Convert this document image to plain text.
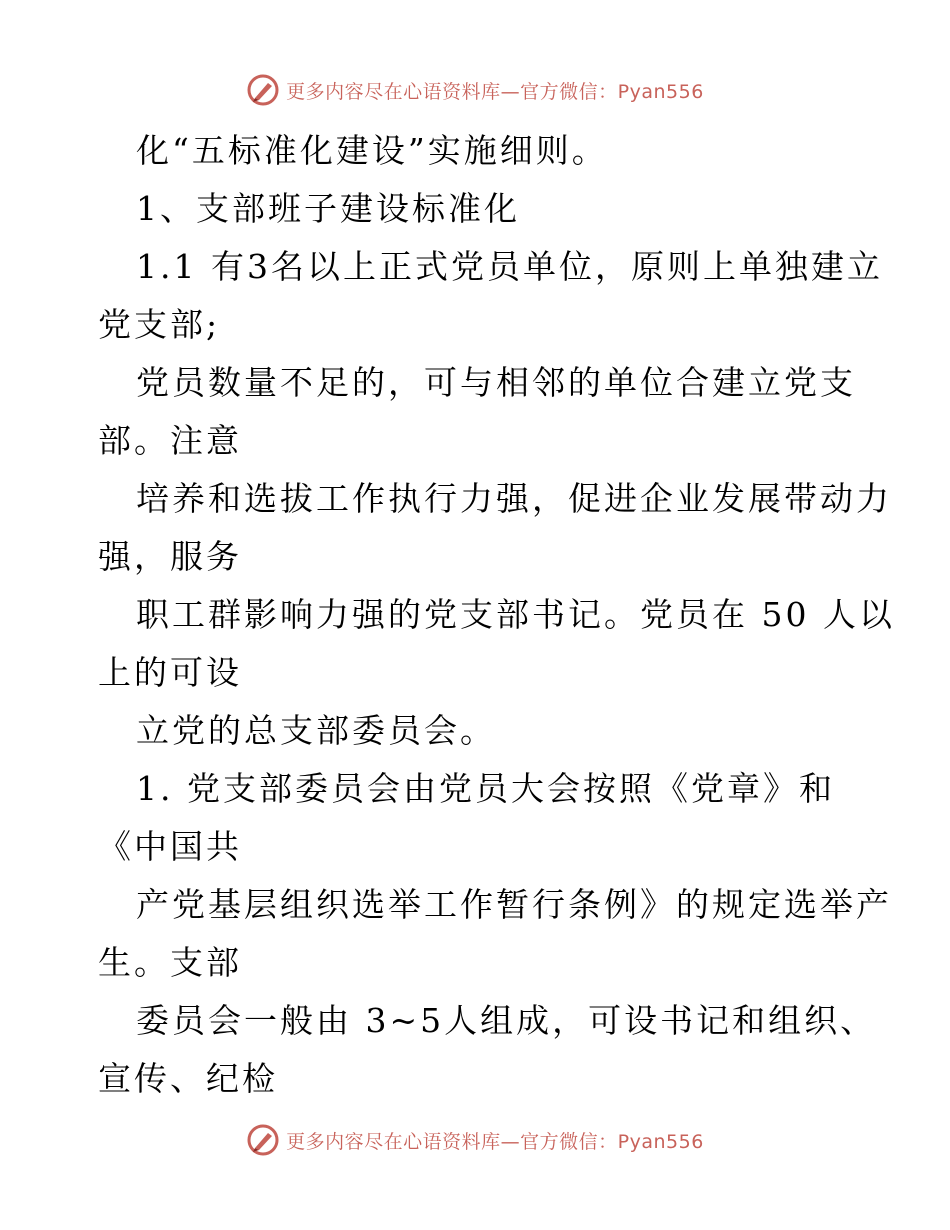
更多内容尽在心语资料库—官方微信：Pyan556
化“五标准化建设”实施细则。
1、支部班子建设标准化
1.1 有3名以上正式党员单位，原则上单独建立
党支部;
党员数量不足的，可与相邻的单位合建立党支
部。注意
培养和选拔工作执行力强，促进企业发展带动力
强，服务
职工群影响力强的党支部书记。党员在 50 人以
上的可设
立党的总支部委员会。
1. 党支部委员会由党员大会按照《党章》和
《中国共
产党基层组织选举工作暂行条例》的规定选举产
生。支部
委员会一般由 3~5人组成，可设书记和组织、
宣传、纪检
更多内容尽在心语资料库—官方微信：Pyan556
